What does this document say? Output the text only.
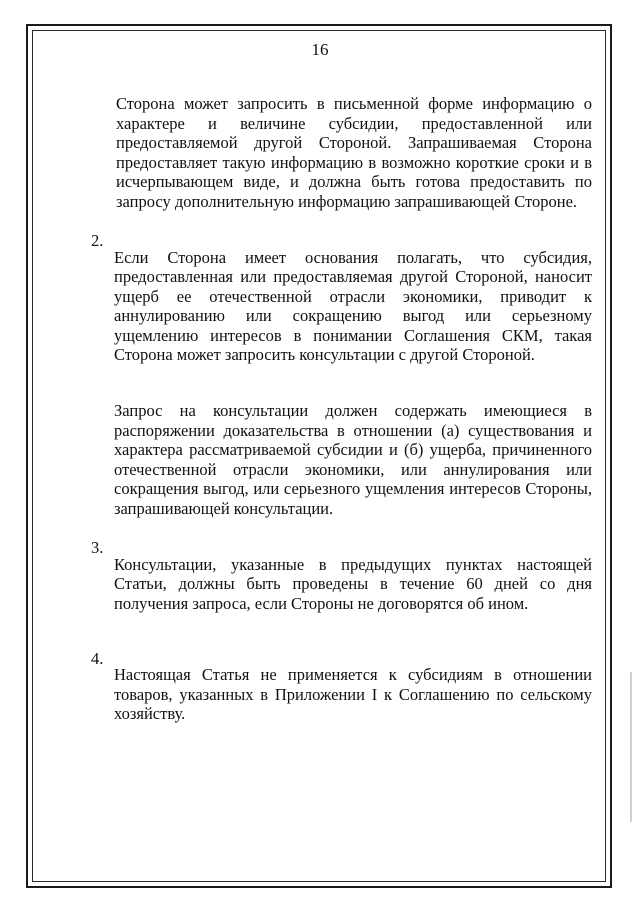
16

Сторона может запросить в письменной форме информацию о характере и величине субсидии, предоставленной или предоставляемой другой Стороной. Запрашиваемая Сторона предоставляет такую информацию в возможно короткие сроки и в исчерпывающем виде, и должна быть готова предоставить по запросу дополнительную информацию запрашивающей Стороне.

2.

Если Сторона имеет основания полагать, что субсидия, предоставленная или предоставляемая другой Стороной, наносит ущерб ее отечественной отрасли экономики, приводит к аннулированию или сокращению выгод или серьезному ущемлению интересов в понимании Соглашения СКМ, такая Сторона может запросить консультации с другой Стороной.

Запрос на консультации должен содержать имеющиеся в распоряжении доказательства в отношении (а) существования и характера рассматриваемой субсидии и (б) ущерба, причиненного отечественной отрасли экономики, или аннулирования или сокращения выгод, или серьезного ущемления интересов Стороны, запрашивающей консультации.

3.

Консультации, указанные в предыдущих пунктах настоящей Статьи, должны быть проведены в течение 60 дней со дня получения запроса, если Стороны не договорятся об ином.

4.

Настоящая Статья не применяется к субсидиям в отношении товаров, указанных в Приложении I к Соглашению по сельскому хозяйству.
